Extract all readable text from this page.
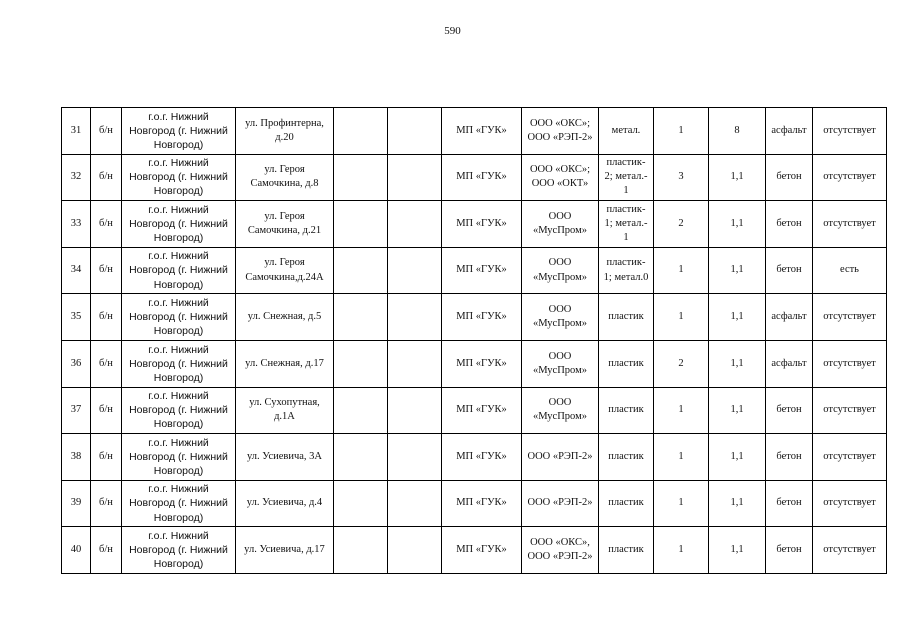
590
31	б/н	г.о.г. Нижний
Новгород (г. Нижний
Новгород)	ул. Профинтерна,
д.20			МП «ГУК»	ООО «ОКС»;
ООО «РЭП-2»	метал.	1	8	асфальт	отсутствует
32	б/н	г.о.г. Нижний
Новгород (г. Нижний
Новгород)	ул. Героя
Самочкина, д.8			МП «ГУК»	ООО «ОКС»;
ООО «ОКТ»	пластик-
2; метал.-
1	3	1,1	бетон	отсутствует
33	б/н	г.о.г. Нижний
Новгород (г. Нижний
Новгород)	ул. Героя
Самочкина, д.21			МП «ГУК»	ООО
«МусПром»	пластик-
1; метал.-
1	2	1,1	бетон	отсутствует
34	б/н	г.о.г. Нижний
Новгород (г. Нижний
Новгород)	ул. Героя
Самочкина,д.24А			МП «ГУК»	ООО
«МусПром»	пластик-
1; метал.0	1	1,1	бетон	есть
35	б/н	г.о.г. Нижний
Новгород (г. Нижний
Новгород)	ул. Снежная, д.5			МП «ГУК»	ООО
«МусПром»	пластик	1	1,1	асфальт	отсутствует
36	б/н	г.о.г. Нижний
Новгород (г. Нижний
Новгород)	ул. Снежная, д.17			МП «ГУК»	ООО
«МусПром»	пластик	2	1,1	асфальт	отсутствует
37	б/н	г.о.г. Нижний
Новгород (г. Нижний
Новгород)	ул. Сухопутная,
д.1А			МП «ГУК»	ООО
«МусПром»	пластик	1	1,1	бетон	отсутствует
38	б/н	г.о.г. Нижний
Новгород (г. Нижний
Новгород)	ул. Усиевича, 3А			МП «ГУК»	ООО «РЭП-2»	пластик	1	1,1	бетон	отсутствует
39	б/н	г.о.г. Нижний
Новгород (г. Нижний
Новгород)	ул. Усиевича, д.4			МП «ГУК»	ООО «РЭП-2»	пластик	1	1,1	бетон	отсутствует
40	б/н	г.о.г. Нижний
Новгород (г. Нижний
Новгород)	ул. Усиевича, д.17			МП «ГУК»	ООО «ОКС»,
ООО «РЭП-2»	пластик	1	1,1	бетон	отсутствует
